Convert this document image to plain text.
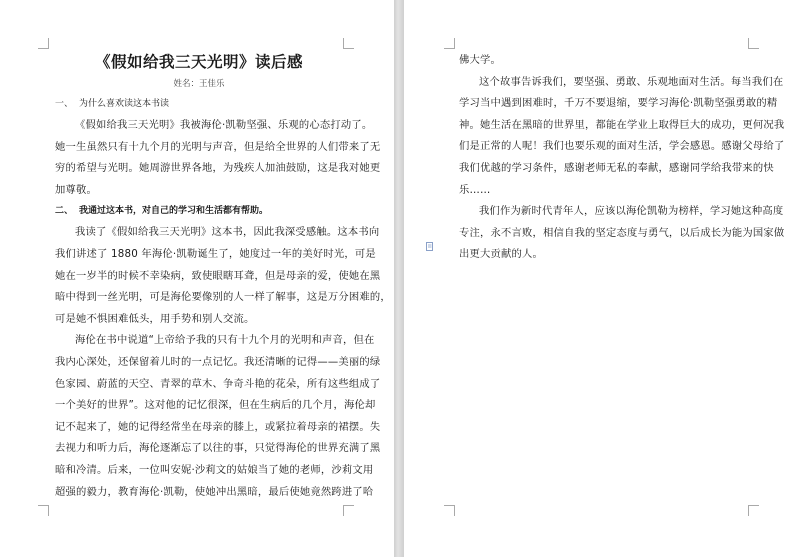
《假如给我三天光明》读后感
姓名：王佳乐
一、 为什么喜欢读这本书读
《假如给我三天光明》我被海伦·凯勒坚强、乐观的心态打动了。
她一生虽然只有十九个月的光明与声音，但是给全世界的人们带来了无
穷的希望与光明。她周游世界各地，为残疾人加油鼓励，这是我对她更
加尊敬。
二、 我通过这本书，对自己的学习和生活都有帮助。
我读了《假如给我三天光明》这本书，因此我深受感触。这本书向
我们讲述了 1880 年海伦·凯勒诞生了，她度过一年的美好时光，可是
她在一岁半的时候不幸染病，致使眼瞎耳聋，但是母亲的爱，使她在黑
暗中得到一丝光明，可是海伦要像别的人一样了解事，这是万分困难的，
可是她不惧困难低头，用手势和别人交流。
海伦在书中说道“上帝给予我的只有十九个月的光明和声音，但在
我内心深处，还保留着儿时的一点记忆。我还清晰的记得——美丽的绿
色家园、蔚蓝的天空、青翠的草木、争奇斗艳的花朵，所有这些组成了
一个美好的世界”。这对他的记忆很深，但在生病后的几个月，海伦却
记不起来了，她的记得经常坐在母亲的膝上，或紧拉着母亲的裙摆。失
去视力和听力后，海伦逐渐忘了以往的事，只觉得海伦的世界充满了黑
暗和冷清。后来，一位叫安妮·沙莉文的姑娘当了她的老师，沙莉文用
超强的毅力，教育海伦·凯勒，使她冲出黑暗，最后使她竟然跨进了哈
佛大学。
这个故事告诉我们，要坚强、勇敢、乐观地面对生活。每当我们在
学习当中遇到困难时，千万不要退缩，要学习海伦·凯勒坚强勇敢的精
神。她生活在黑暗的世界里，都能在学业上取得巨大的成功，更何况我
们是正常的人呢！我们也要乐观的面对生活，学会感恩。感谢父母给了
我们优越的学习条件，感谢老师无私的奉献，感谢同学给我带来的快
乐……
我们作为新时代青年人，应该以海伦凯勒为榜样，学习她这种高度
专注，永不言败，相信自我的坚定态度与勇气，以后成长为能为国家做
出更大贡献的人。
